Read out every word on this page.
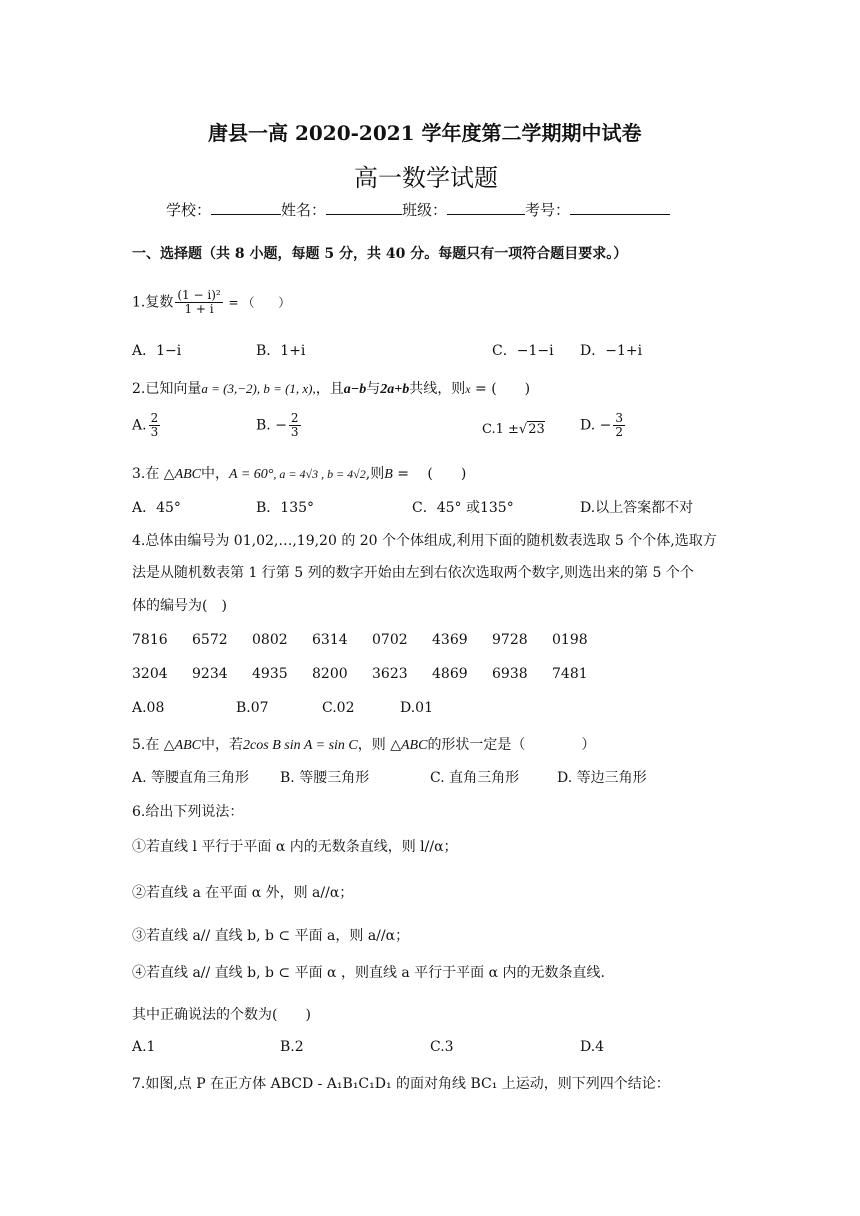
唐县一高 2020-2021 学年度第二学期期中试卷
高一数学试题
学校：	姓名：	班级：	考号：
一、选择题（共 8 小题，每题 5 分，共 40 分。每题只有一项符合题目要求。）
1.复数 $\frac{\text{(1 − i)²}}{1 + i}$ = （　　）
A．1−i	B．1+i	C．−1−i D．−1+i
2.已知向量a = (3,−2), b = (1, x),，且a−b与2a+b共线，则x = (　　)
A. $\frac{2}{3}$	B. − $\frac{2}{3}$	C.1 ±√23	D. − $\frac{3}{2}$
3.在 △ABC中，A = 60°, a = 4√3 , b = 4√2,则B = 　(　　)
A．45°	B．135°	C．45° 或135°	D.以上答案都不对
4.总体由编号为 01,02,…,19,20 的 20 个个体组成,利用下面的随机数表选取 5 个个体,选取方
法是从随机数表第 1 行第 5 列的数字开始由左到右依次选取两个数字,则选出来的第 5 个个
体的编号为(　)
7816 6572 0802 6314 0702 4369 9728 0198
3204 9234 4935 8200 3623 4869 6938 7481
A.08	B.07	C.02	D.01
5.在 △ABC中，若2cos B sin A = sin C，则 △ABC的形状一定是（　　　　）
A. 等腰直角三角形 B. 等腰三角形	C. 直角三角形	D. 等边三角形
6.给出下列说法：
①若直线 l 平行于平面 α 内的无数条直线，则 l//α；
②若直线 a 在平面 α 外，则 a//α；
③若直线 a// 直线 b, b ⊂ 平面 a，则 a//α；
④若直线 a// 直线 b, b ⊂ 平面 α ，则直线 a 平行于平面 α 内的无数条直线.
其中正确说法的个数为(　　)
A.1	B.2	C.3	D.4
7.如图,点 P 在正方体 ABCD - A₁B₁C₁D₁ 的面对角线 BC₁ 上运动，则下列四个结论：
